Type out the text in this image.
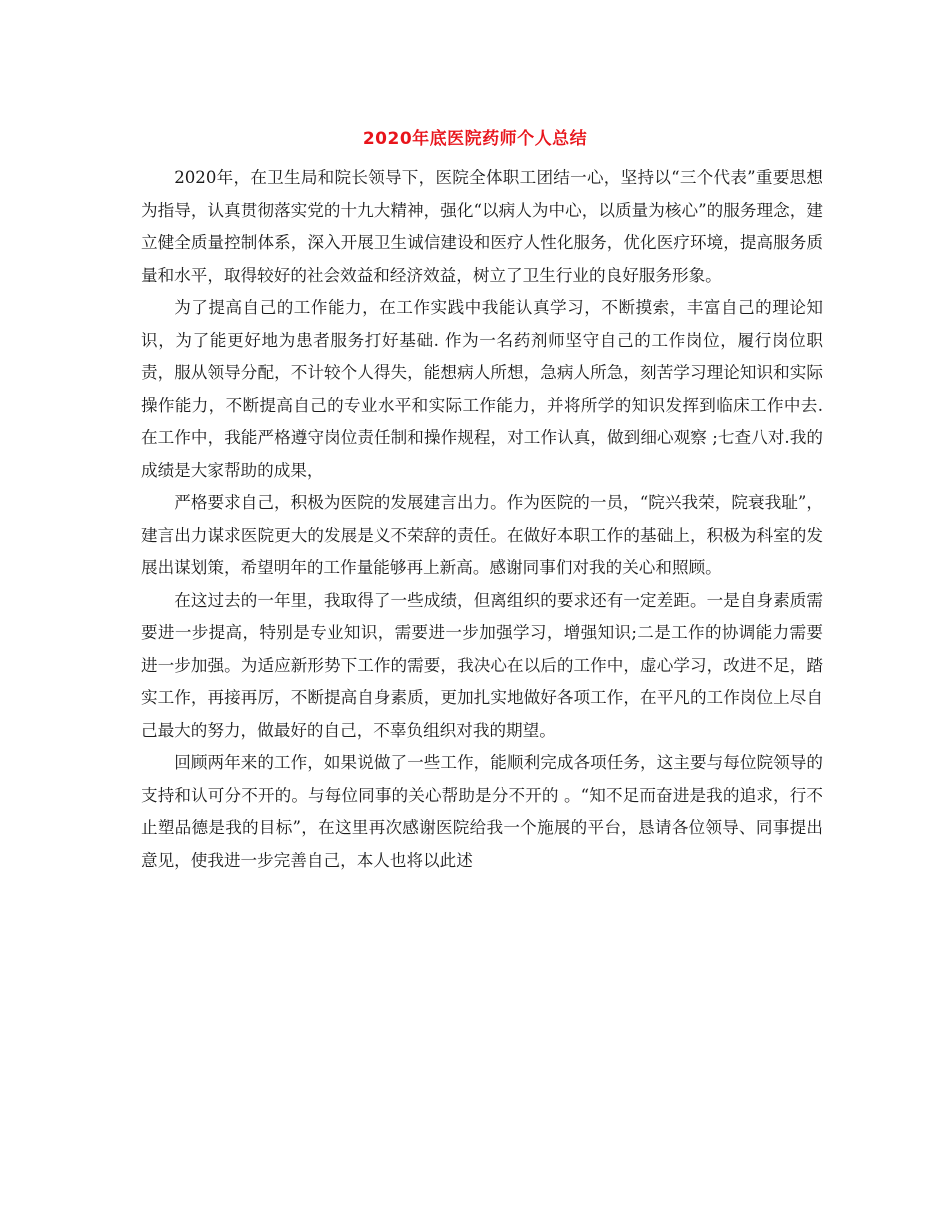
2020年底医院药师个人总结

2020年，在卫生局和院长领导下，医院全体职工团结一心，坚持以“三个代表”重要思想为指导，认真贯彻落实党的十九大精神，强化“以病人为中心，以质量为核心”的服务理念，建立健全质量控制体系，深入开展卫生诚信建设和医疗人性化服务，优化医疗环境，提高服务质量和水平，取得较好的社会效益和经济效益，树立了卫生行业的良好服务形象。

为了提高自己的工作能力，在工作实践中我能认真学习，不断摸索，丰富自己的理论知识，为了能更好地为患者服务打好基础. 作为一名药剂师坚守自己的工作岗位，履行岗位职责，服从领导分配，不计较个人得失，能想病人所想，急病人所急，刻苦学习理论知识和实际操作能力，不断提高自己的专业水平和实际工作能力，并将所学的知识发挥到临床工作中去. 在工作中，我能严格遵守岗位责任制和操作规程，对工作认真，做到细心观察 ;七查八对.我的成绩是大家帮助的成果，

严格要求自己，积极为医院的发展建言出力。作为医院的一员，“院兴我荣，院衰我耻”，建言出力谋求医院更大的发展是义不荣辞的责任。在做好本职工作的基础上，积极为科室的发展出谋划策，希望明年的工作量能够再上新高。感谢同事们对我的关心和照顾。

在这过去的一年里，我取得了一些成绩，但离组织的要求还有一定差距。一是自身素质需要进一步提高，特别是专业知识，需要进一步加强学习，增强知识;二是工作的协调能力需要进一步加强。为适应新形势下工作的需要，我决心在以后的工作中，虚心学习，改进不足，踏实工作，再接再厉，不断提高自身素质，更加扎实地做好各项工作，在平凡的工作岗位上尽自己最大的努力，做最好的自己，不辜负组织对我的期望。

回顾两年来的工作，如果说做了一些工作，能顺利完成各项任务，这主要与每位院领导的支持和认可分不开的。与每位同事的关心帮助是分不开的 。“知不足而奋进是我的追求，行不止塑品德是我的目标”，在这里再次感谢医院给我一个施展的平台，恳请各位领导、同事提出意见，使我进一步完善自己，本人也将以此述
